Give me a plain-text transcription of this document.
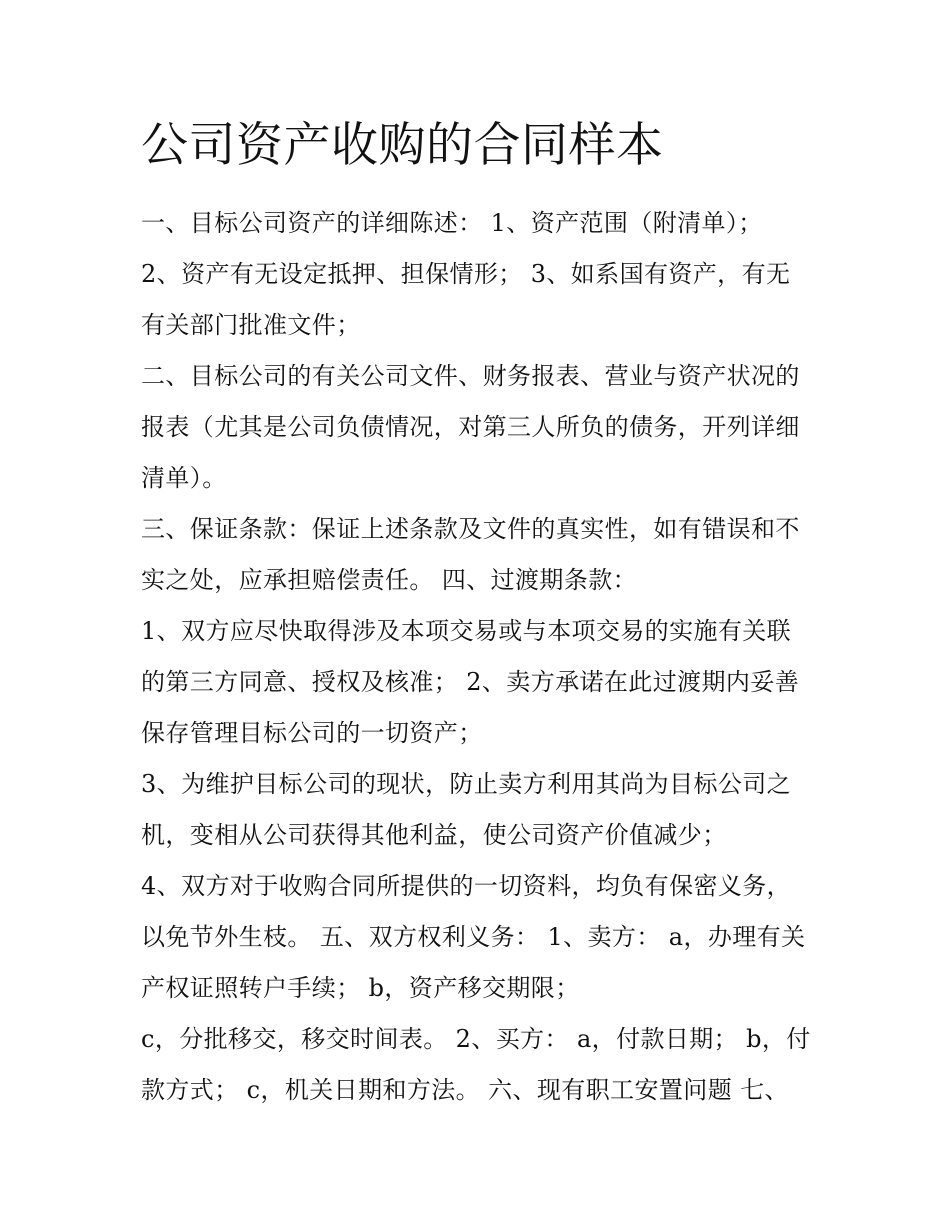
公司资产收购的合同样本
一、目标公司资产的详细陈述： 1、资产范围（附清单）；
2、资产有无设定抵押、担保情形； 3、如系国有资产，有无
有关部门批准文件；
二、目标公司的有关公司文件、财务报表、营业与资产状况的
报表（尤其是公司负债情况，对第三人所负的债务，开列详细
清单）。
三、保证条款：保证上述条款及文件的真实性，如有错误和不
实之处，应承担赔偿责任。 四、过渡期条款：
1、双方应尽快取得涉及本项交易或与本项交易的实施有关联
的第三方同意、授权及核准； 2、卖方承诺在此过渡期内妥善
保存管理目标公司的一切资产；
3、为维护目标公司的现状，防止卖方利用其尚为目标公司之
机，变相从公司获得其他利益，使公司资产价值减少；
4、双方对于收购合同所提供的一切资料，均负有保密义务，
以免节外生枝。 五、双方权利义务： 1、卖方： a，办理有关
产权证照转户手续； b，资产移交期限；
c，分批移交，移交时间表。 2、买方： a，付款日期； b，付
款方式； c，机关日期和方法。 六、现有职工安置问题 七、
